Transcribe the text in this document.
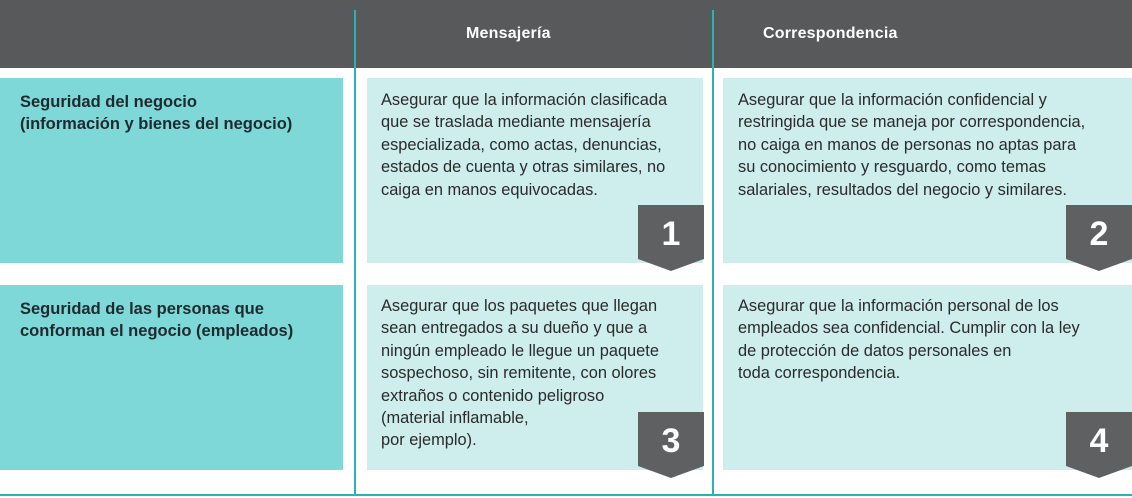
Mensajería	Correspondencia
Seguridad del negocio
(información y bienes del negocio)
Asegurar que la información clasificada
que se traslada mediante mensajería
especializada, como actas, denuncias,
estados de cuenta y otras similares, no
caiga en manos equivocadas.
1
Asegurar que la información confidencial y
restringida que se maneja por correspondencia,
no caiga en manos de personas no aptas para
su conocimiento y resguardo, como temas
salariales, resultados del negocio y similares.
2
Seguridad de las personas que
conforman el negocio (empleados)
Asegurar que los paquetes que llegan
sean entregados a su dueño y que a
ningún empleado le llegue un paquete
sospechoso, sin remitente, con olores
extraños o contenido peligroso
(material inflamable,
por ejemplo).	3
Asegurar que la información personal de los
empleados sea confidencial. Cumplir con la ley
de protección de datos personales en
toda correspondencia.
4
